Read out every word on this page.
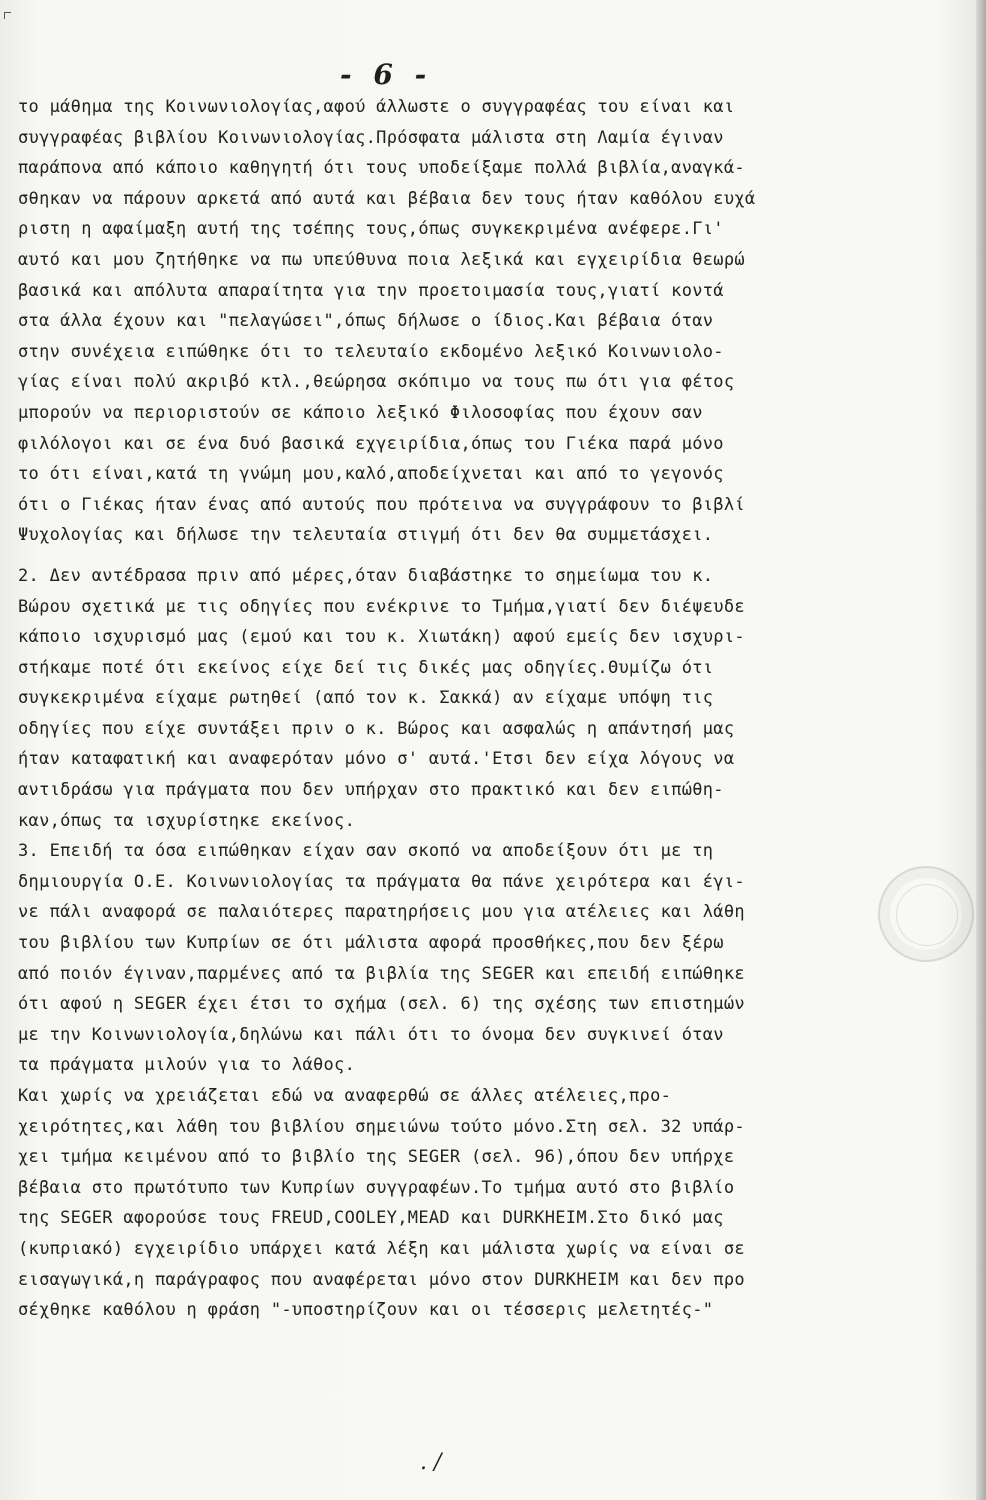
- 6 -
το μάθημα της Κοινωνιολογίας,αφού άλλωστε ο συγγραφέας του είναι και
συγγραφέας βιβλίου Κοινωνιολογίας.Πρόσφατα μάλιστα στη Λαμία έγιναν
παράπονα από κάποιο καθηγητή ότι τους υποδείξαμε πολλά βιβλία,αναγκά-
σθηκαν να πάρουν αρκετά από αυτά και βέβαια δεν τους ήταν καθόλου ευχά
ριστη η αφαίμαξη αυτή της τσέπης τους,όπως συγκεκριμένα ανέφερε.Γι'
αυτό και μου ζητήθηκε να πω υπεύθυνα ποια λεξικά και εγχειρίδια θεωρώ
βασικά και απόλυτα απαραίτητα για την προετοιμασία τους,γιατί κοντά
στα άλλα έχουν και "πελαγώσει",όπως δήλωσε ο ίδιος.Και βέβαια όταν
στην συνέχεια ειπώθηκε ότι το τελευταίο εκδομένο λεξικό Κοινωνιολο-
γίας είναι πολύ ακριβό κτλ.,θεώρησα σκόπιμο να τους πω ότι για φέτος
μπορούν να περιοριστούν σε κάποιο λεξικό Φιλοσοφίας που έχουν σαν
φιλόλογοι και σε ένα δυό βασικά εχγειρίδια,όπως του Γιέκα παρά μόνο
το ότι είναι,κατά τη γνώμη μου,καλό,αποδείχνεται και από το γεγονός
ότι ο Γιέκας ήταν ένας από αυτούς που πρότεινα να συγγράφουν το βιβλί
Ψυχολογίας και δήλωσε την τελευταία στιγμή ότι δεν θα συμμετάσχει.
2. Δεν αντέδρασα πριν από μέρες,όταν διαβάστηκε το σημείωμα του κ.
Βώρου σχετικά με τις οδηγίες που ενέκρινε το Τμήμα,γιατί δεν διέψευδε
κάποιο ισχυρισμό μας (εμού και του κ. Χιωτάκη) αφού εμείς δεν ισχυρι-
στήκαμε ποτέ ότι εκείνος είχε δεί τις δικές μας οδηγίες.Θυμίζω ότι
συγκεκριμένα είχαμε ρωτηθεί (από τον κ. Σακκά) αν είχαμε υπόψη τις
οδηγίες που είχε συντάξει πριν ο κ. Βώρος και ασφαλώς η απάντησή μας
ήταν καταφατική και αναφερόταν μόνο σ' αυτά.'Ετσι δεν είχα λόγους να
αντιδράσω για πράγματα που δεν υπήρχαν στο πρακτικό και δεν ειπώθη-
καν,όπως τα ισχυρίστηκε εκείνος.
3. Επειδή τα όσα ειπώθηκαν είχαν σαν σκοπό να αποδείξουν ότι με τη
δημιουργία Ο.Ε. Κοινωνιολογίας τα πράγματα θα πάνε χειρότερα και έγι-
νε πάλι αναφορά σε παλαιότερες παρατηρήσεις μου για ατέλειες και λάθη
του βιβλίου των Κυπρίων σε ότι μάλιστα αφορά προσθήκες,που δεν ξέρω
από ποιόν έγιναν,παρμένες από τα βιβλία της SEGER και επειδή ειπώθηκε
ότι αφού η SEGER έχει έτσι το σχήμα (σελ. 6) της σχέσης των επιστημών
με την Κοινωνιολογία,δηλώνω και πάλι ότι το όνομα δεν συγκινεί όταν
τα πράγματα μιλούν για το λάθος.
Και χωρίς να χρειάζεται εδώ να αναφερθώ σε άλλες ατέλειες,προ-
χειρότητες,και λάθη του βιβλίου σημειώνω τούτο μόνο.Στη σελ. 32 υπάρ-
χει τμήμα κειμένου από το βιβλίο της SEGER (σελ. 96),όπου δεν υπήρχε
βέβαια στο πρωτότυπο των Κυπρίων συγγραφέων.Το τμήμα αυτό στο βιβλίο
της SEGER αφορούσε τους FREUD,COOLEY,MEAD και DURKHEIM.Στο δικό μας
(κυπριακό) εγχειρίδιο υπάρχει κατά λέξη και μάλιστα χωρίς να είναι σε
εισαγωγικά,η παράγραφος που αναφέρεται μόνο στον DURKHEIM και δεν προ
σέχθηκε καθόλου η φράση "-υποστηρίζουν και οι τέσσερις μελετητές-"
. /
